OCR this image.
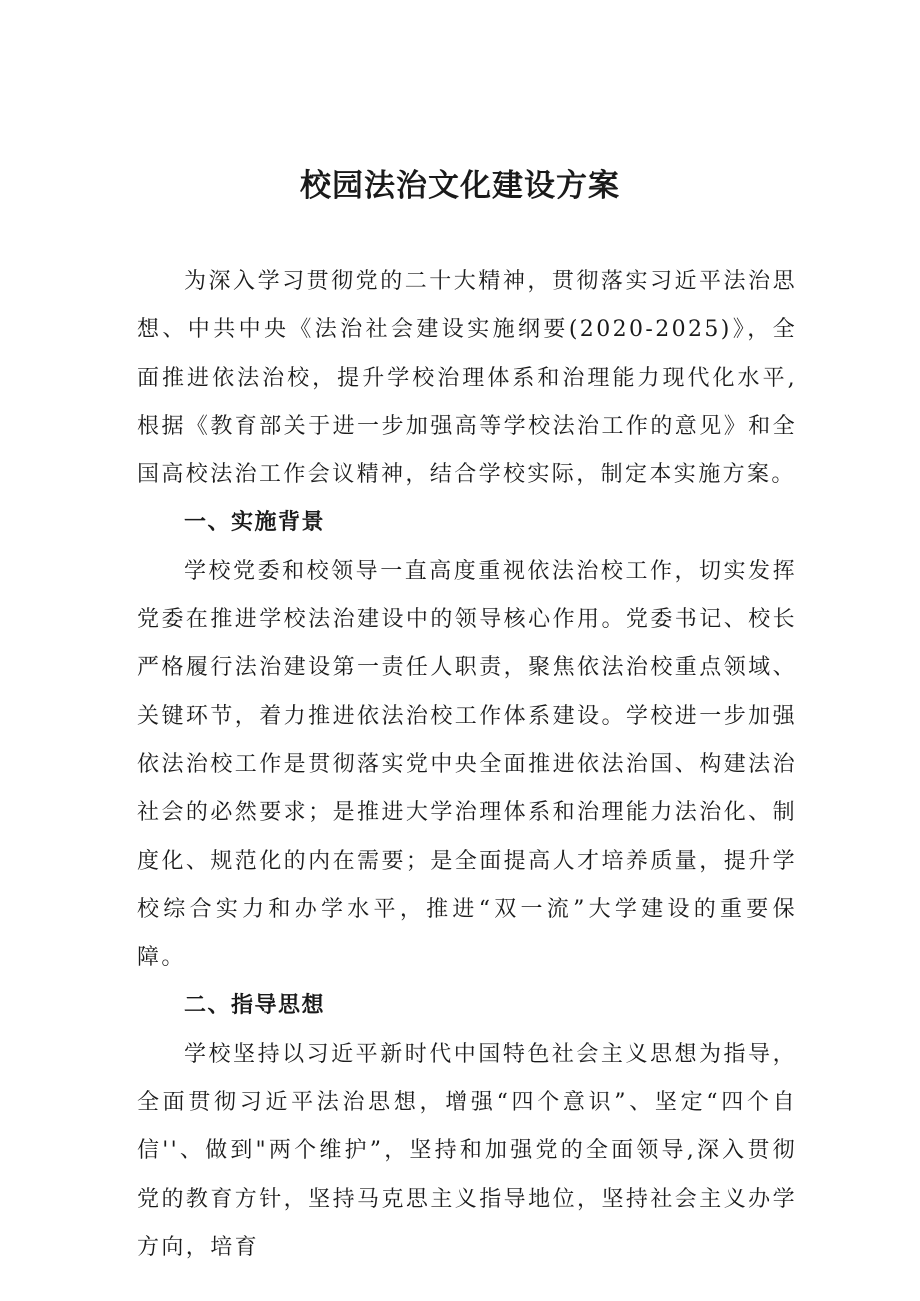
校园法治文化建设方案

为深入学习贯彻党的二十大精神，贯彻落实习近平法治思想、中共中央《法治社会建设实施纲要(2020-2025)》，全面推进依法治校，提升学校治理体系和治理能力现代化水平,根据《教育部关于进一步加强高等学校法治工作的意见》和全国高校法治工作会议精神，结合学校实际，制定本实施方案。

一、实施背景

学校党委和校领导一直高度重视依法治校工作，切实发挥党委在推进学校法治建设中的领导核心作用。党委书记、校长严格履行法治建设第一责任人职责，聚焦依法治校重点领域、关键环节，着力推进依法治校工作体系建设。学校进一步加强依法治校工作是贯彻落实党中央全面推进依法治国、构建法治社会的必然要求；是推进大学治理体系和治理能力法治化、制度化、规范化的内在需要；是全面提高人才培养质量，提升学校综合实力和办学水平，推进“双一流”大学建设的重要保障。

二、指导思想

学校坚持以习近平新时代中国特色社会主义思想为指导，全面贯彻习近平法治思想，增强“四个意识”、坚定“四个自信''、做到"两个维护”，坚持和加强党的全面领导,深入贯彻党的教育方针，坚持马克思主义指导地位，坚持社会主义办学方向，培育
